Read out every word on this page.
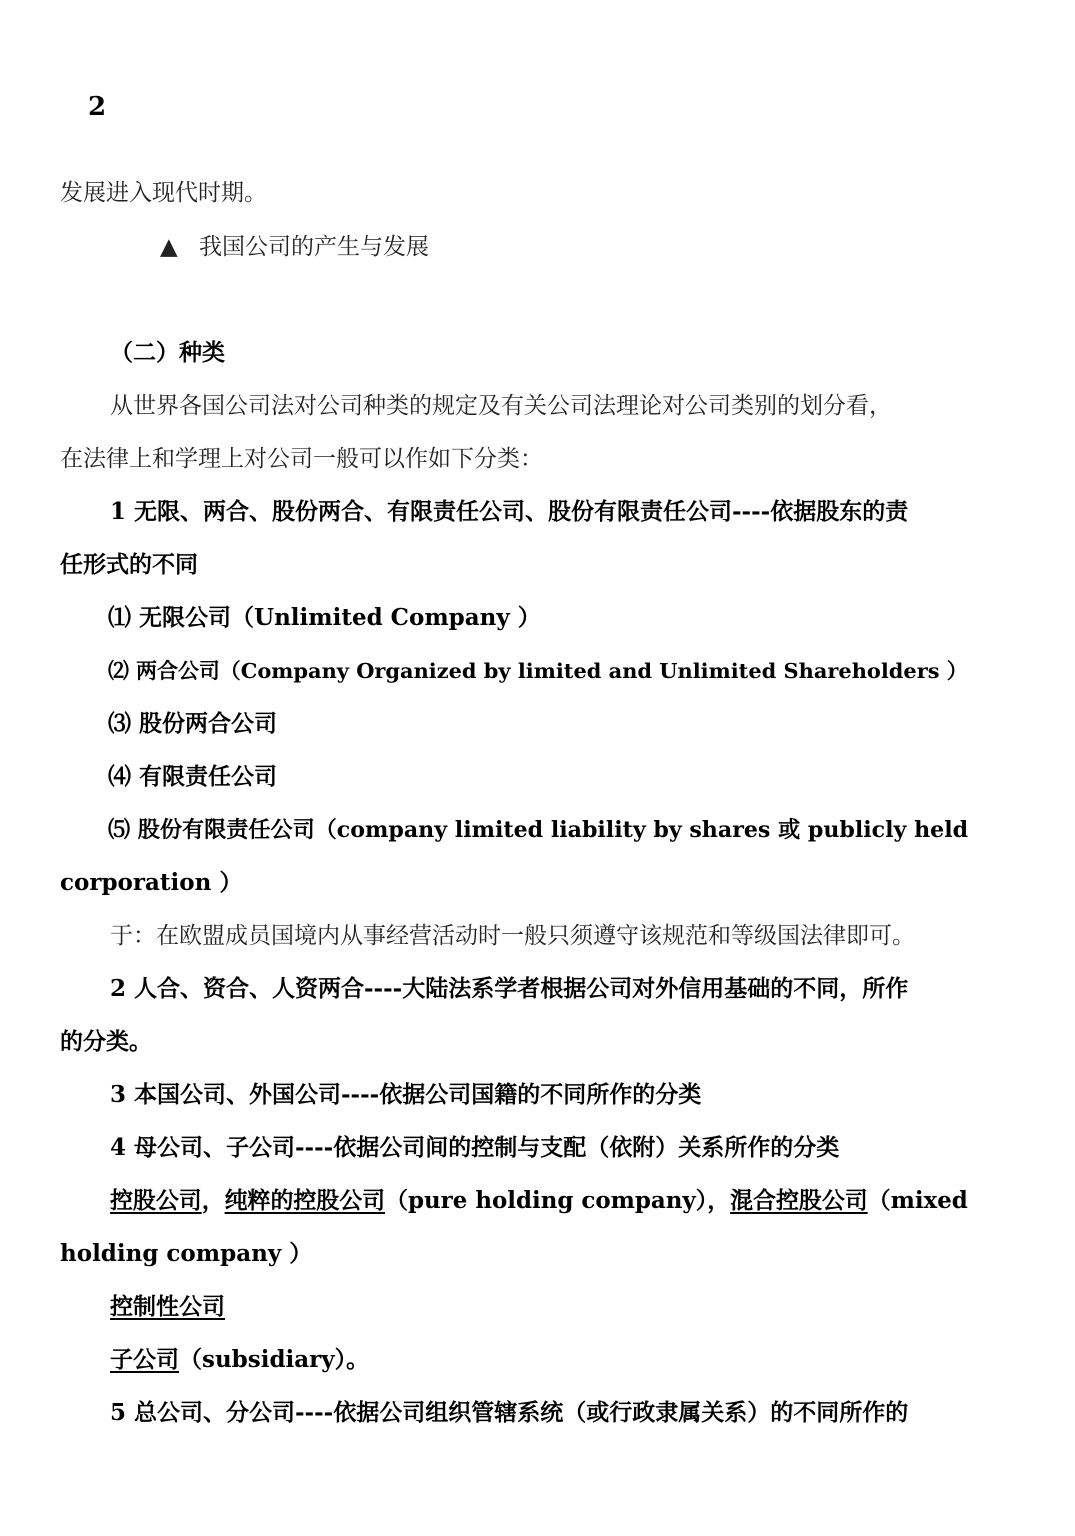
2
发展进入现代时期。
▲ 我国公司的产生与发展
（二）种类
从世界各国公司法对公司种类的规定及有关公司法理论对公司类别的划分看，
在法律上和学理上对公司一般可以作如下分类：
1 无限、两合、股份两合、有限责任公司、股份有限责任公司----依据股东的责
任形式的不同
⑴ 无限公司（Unlimited Company ）
⑵ 两合公司（Company Organized by limited and Unlimited Shareholders ）
⑶ 股份两合公司
⑷ 有限责任公司
⑸ 股份有限责任公司（company limited liability by shares 或 publicly held
corporation ）
于：在欧盟成员国境内从事经营活动时一般只须遵守该规范和等级国法律即可。
2 人合、资合、人资两合----大陆法系学者根据公司对外信用基础的不同，所作
的分类。
3 本国公司、外国公司----依据公司国籍的不同所作的分类
4 母公司、子公司----依据公司间的控制与支配（依附）关系所作的分类
控股公司，纯粹的控股公司（pure holding company），混合控股公司（mixed
holding company ）
控制性公司
子公司（subsidiary）。
5 总公司、分公司----依据公司组织管辖系统（或行政隶属关系）的不同所作的
